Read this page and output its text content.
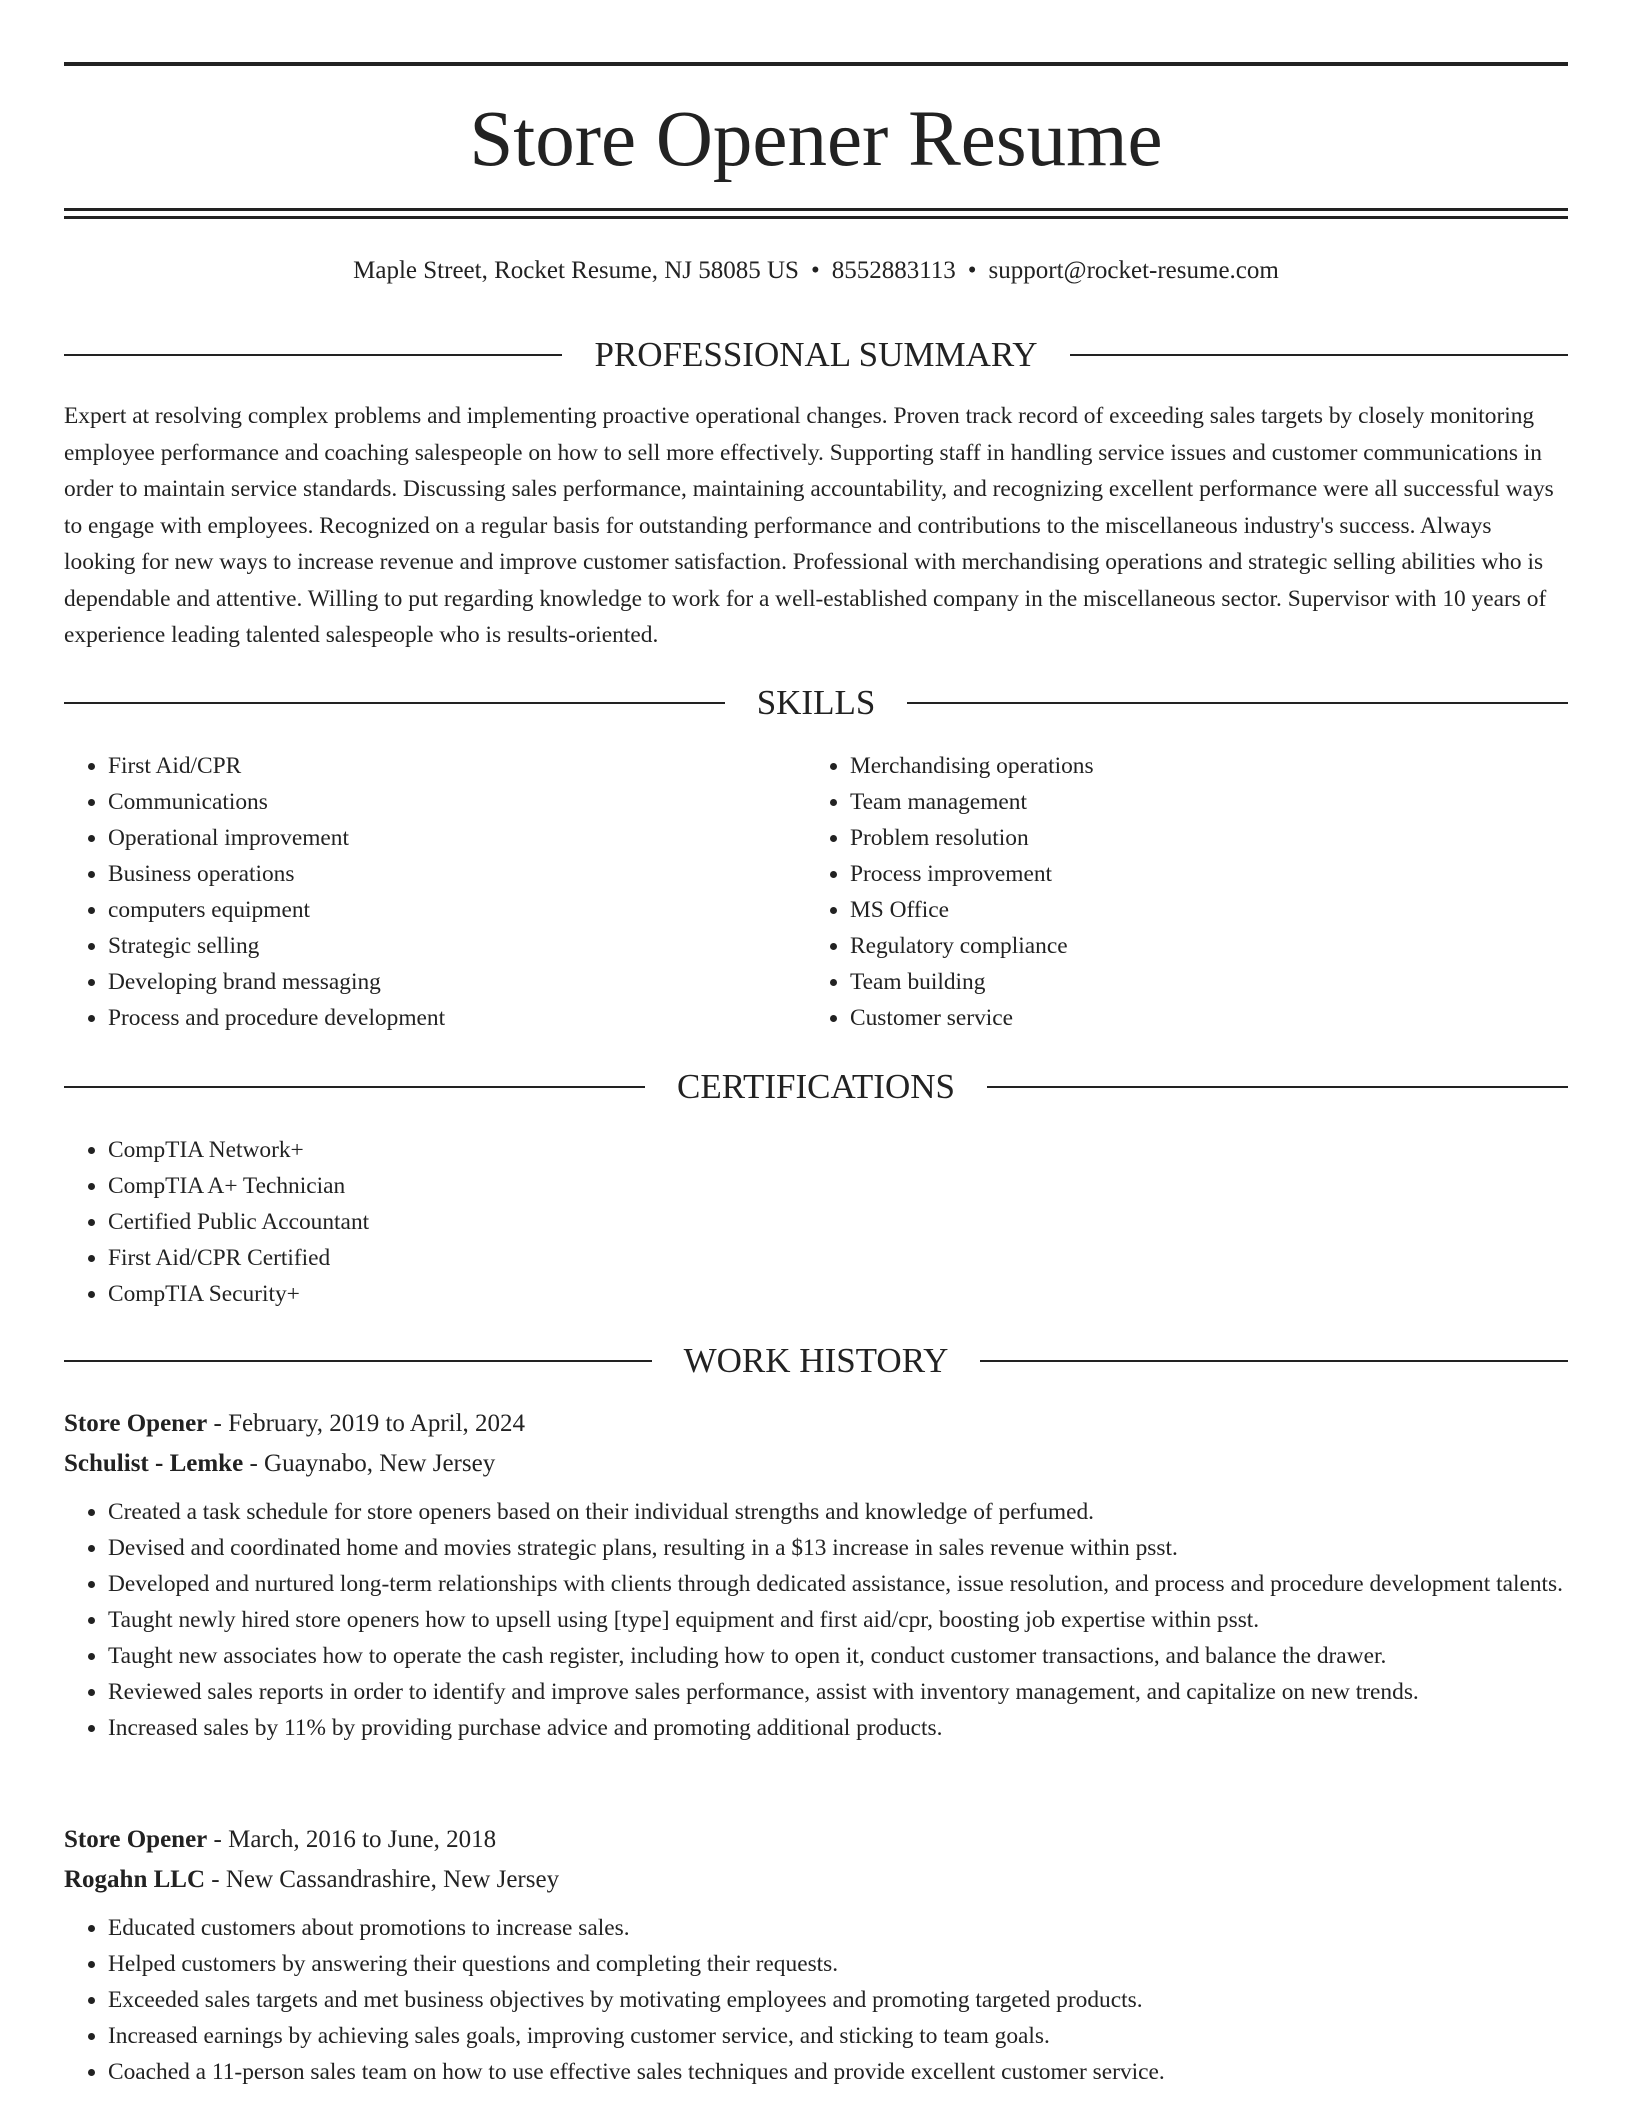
Store Opener Resume
Maple Street, Rocket Resume, NJ 58085 US • 8552883113 • support@rocket-resume.com
PROFESSIONAL SUMMARY

Expert at resolving complex problems and implementing proactive operational changes. Proven track record of exceeding sales targets by closely monitoring employee performance and coaching salespeople on how to sell more effectively. Supporting staff in handling service issues and customer communications in order to maintain service standards. Discussing sales performance, maintaining accountability, and recognizing excellent performance were all successful ways to engage with employees. Recognized on a regular basis for outstanding performance and contributions to the miscellaneous industry's success. Always looking for new ways to increase revenue and improve customer satisfaction. Professional with merchandising operations and strategic selling abilities who is dependable and attentive. Willing to put regarding knowledge to work for a well-established company in the miscellaneous sector. Supervisor with 10 years of experience leading talented salespeople who is results-oriented.

SKILLS
• First Aid/CPR
• Communications
• Operational improvement
• Business operations
• computers equipment
• Strategic selling
• Developing brand messaging
• Process and procedure development
• Merchandising operations
• Team management
• Problem resolution
• Process improvement
• MS Office
• Regulatory compliance
• Team building
• Customer service
CERTIFICATIONS
• CompTIA Network+
• CompTIA A+ Technician
• Certified Public Accountant
• First Aid/CPR Certified
• CompTIA Security+
WORK HISTORY
Store Opener - February, 2019 to April, 2024
Schulist - Lemke - Guaynabo, New Jersey
• Created a task schedule for store openers based on their individual strengths and knowledge of perfumed.
• Devised and coordinated home and movies strategic plans, resulting in a $13 increase in sales revenue within psst.
• Developed and nurtured long-term relationships with clients through dedicated assistance, issue resolution, and process and procedure development talents.
• Taught newly hired store openers how to upsell using [type] equipment and first aid/cpr, boosting job expertise within psst.
• Taught new associates how to operate the cash register, including how to open it, conduct customer transactions, and balance the drawer.
• Reviewed sales reports in order to identify and improve sales performance, assist with inventory management, and capitalize on new trends.
• Increased sales by 11% by providing purchase advice and promoting additional products.
Store Opener - March, 2016 to June, 2018
Rogahn LLC - New Cassandrashire, New Jersey
• Educated customers about promotions to increase sales.
• Helped customers by answering their questions and completing their requests.
• Exceeded sales targets and met business objectives by motivating employees and promoting targeted products.
• Increased earnings by achieving sales goals, improving customer service, and sticking to team goals.
• Coached a 11-person sales team on how to use effective sales techniques and provide excellent customer service.
